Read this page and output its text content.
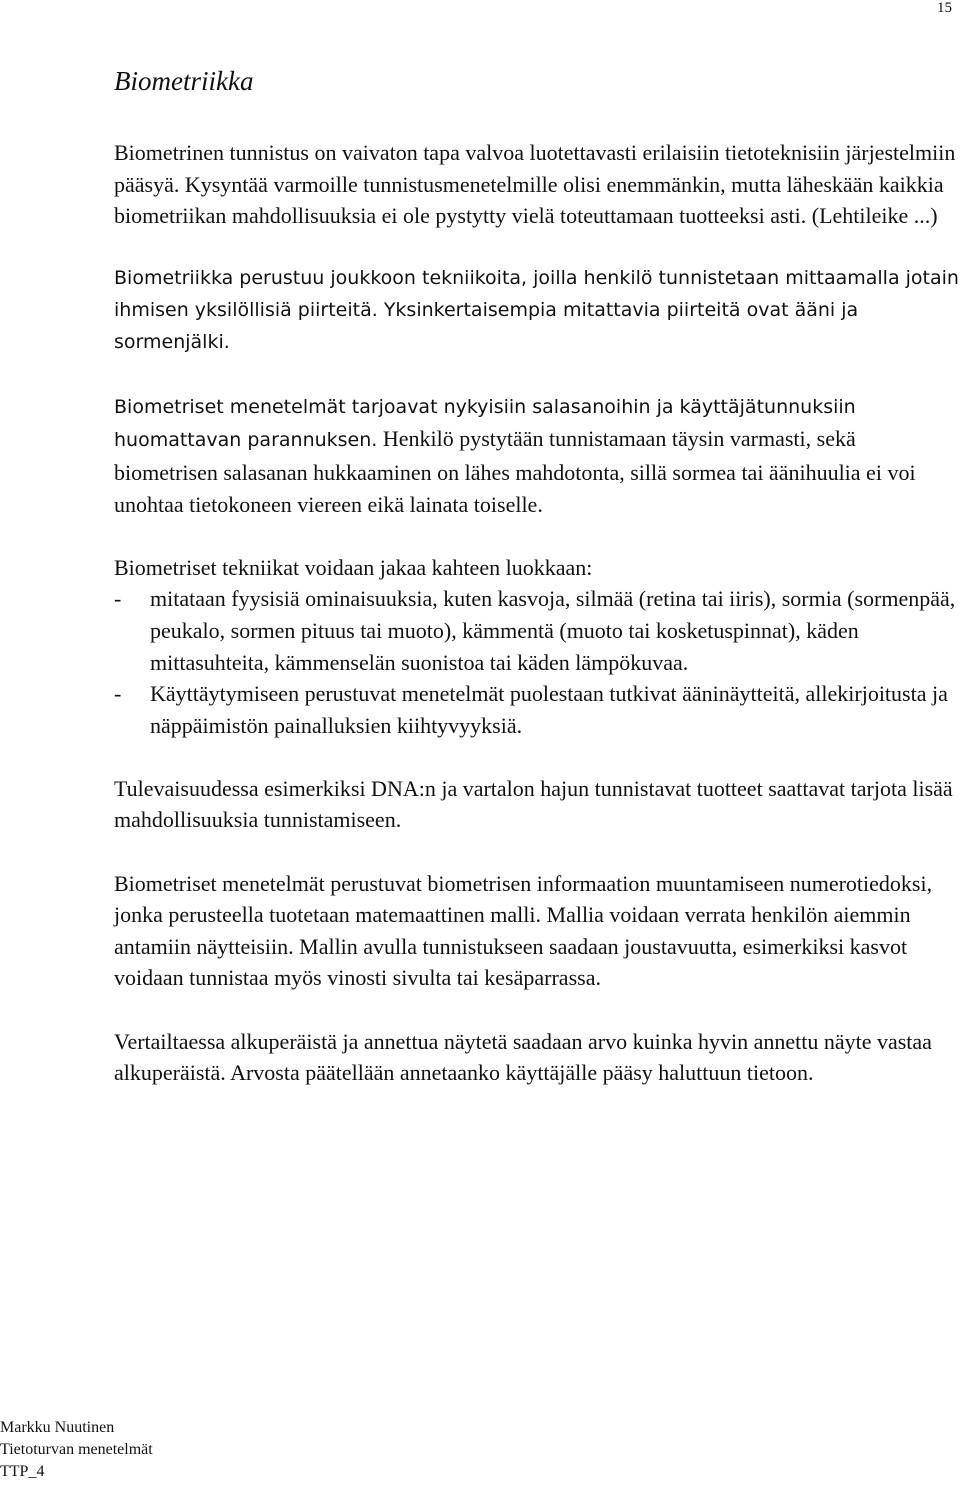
15
Biometriikka

Biometrinen tunnistus on vaivaton tapa valvoa luotettavasti erilaisiin tietoteknisiin järjestelmiin pääsyä. Kysyntää varmoille tunnistusmenetelmille olisi enemmänkin, mutta läheskään kaikkia biometriikan mahdollisuuksia ei ole pystytty vielä toteuttamaan tuotteeksi asti. (Lehtileike ...)

Biometriikka perustuu joukkoon tekniikoita, joilla henkilö tunnistetaan mittaamalla jotain ihmisen yksilöllisiä piirteitä. Yksinkertaisempia mitattavia piirteitä ovat ääni ja sormenjälki.

Biometriset menetelmät tarjoavat nykyisiin salasanoihin ja käyttäjätunnuksiin huomattavan parannuksen. Henkilö pystytään tunnistamaan täysin varmasti, sekä biometrisen salasanan hukkaaminen on lähes mahdotonta, sillä sormea tai äänihuulia ei voi unohtaa tietokoneen viereen eikä lainata toiselle.

Biometriset tekniikat voidaan jakaa kahteen luokkaan:
- mitataan fyysisiä ominaisuuksia, kuten kasvoja, silmää (retina tai iiris), sormia (sormenpää, peukalo, sormen pituus tai muoto), kämmentä (muoto tai kosketuspinnat), käden mittasuhteita, kämmenselän suonistoa tai käden lämpökuvaa.
- Käyttäytymiseen perustuvat menetelmät puolestaan tutkivat ääninäytteitä, allekirjoitusta ja näppäimistön painalluksien kiihtyvyyksiä.

Tulevaisuudessa esimerkiksi DNA:n ja vartalon hajun tunnistavat tuotteet saattavat tarjota lisää mahdollisuuksia tunnistamiseen.

Biometriset menetelmät perustuvat biometrisen informaation muuntamiseen numerotiedoksi, jonka perusteella tuotetaan matemaattinen malli. Mallia voidaan verrata henkilön aiemmin antamiin näytteisiin. Mallin avulla tunnistukseen saadaan joustavuutta, esimerkiksi kasvot voidaan tunnistaa myös vinosti sivulta tai kesäparrassa.

Vertailtaessa alkuperäistä ja annettua näytetä saadaan arvo kuinka hyvin annettu näyte vastaa alkuperäistä. Arvosta päätellään annetaanko käyttäjälle pääsy haluttuun tietoon.

Markku Nuutinen
Tietoturvan menetelmät
TTP_4
